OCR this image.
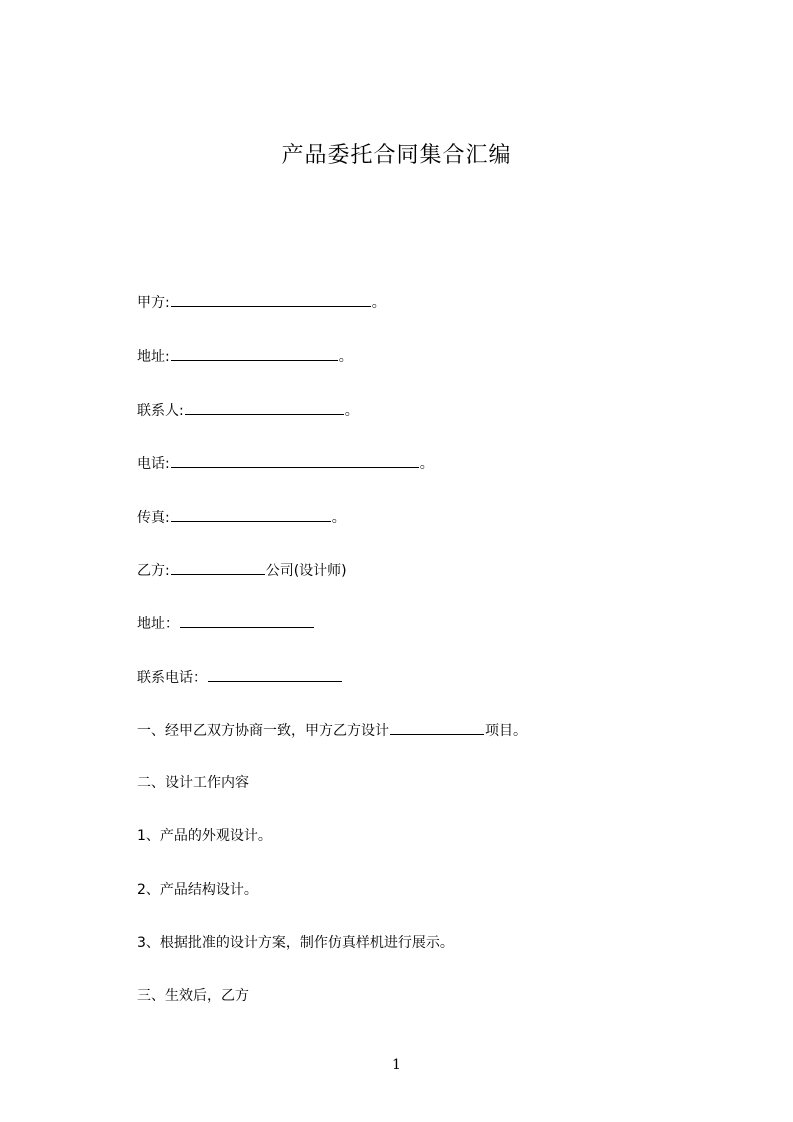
产品委托合同集合汇编
甲方:	。
地址:	。
联系人:	。
电话:	。
传真:	。
乙方:	公司(设计师)
地址：
联系电话：
一、经甲乙双方协商一致，甲方乙方设计	项目。
二、设计工作内容
1、产品的外观设计。
2、产品结构设计。
3、根据批准的设计方案，制作仿真样机进行展示。
三、生效后，乙方
1
